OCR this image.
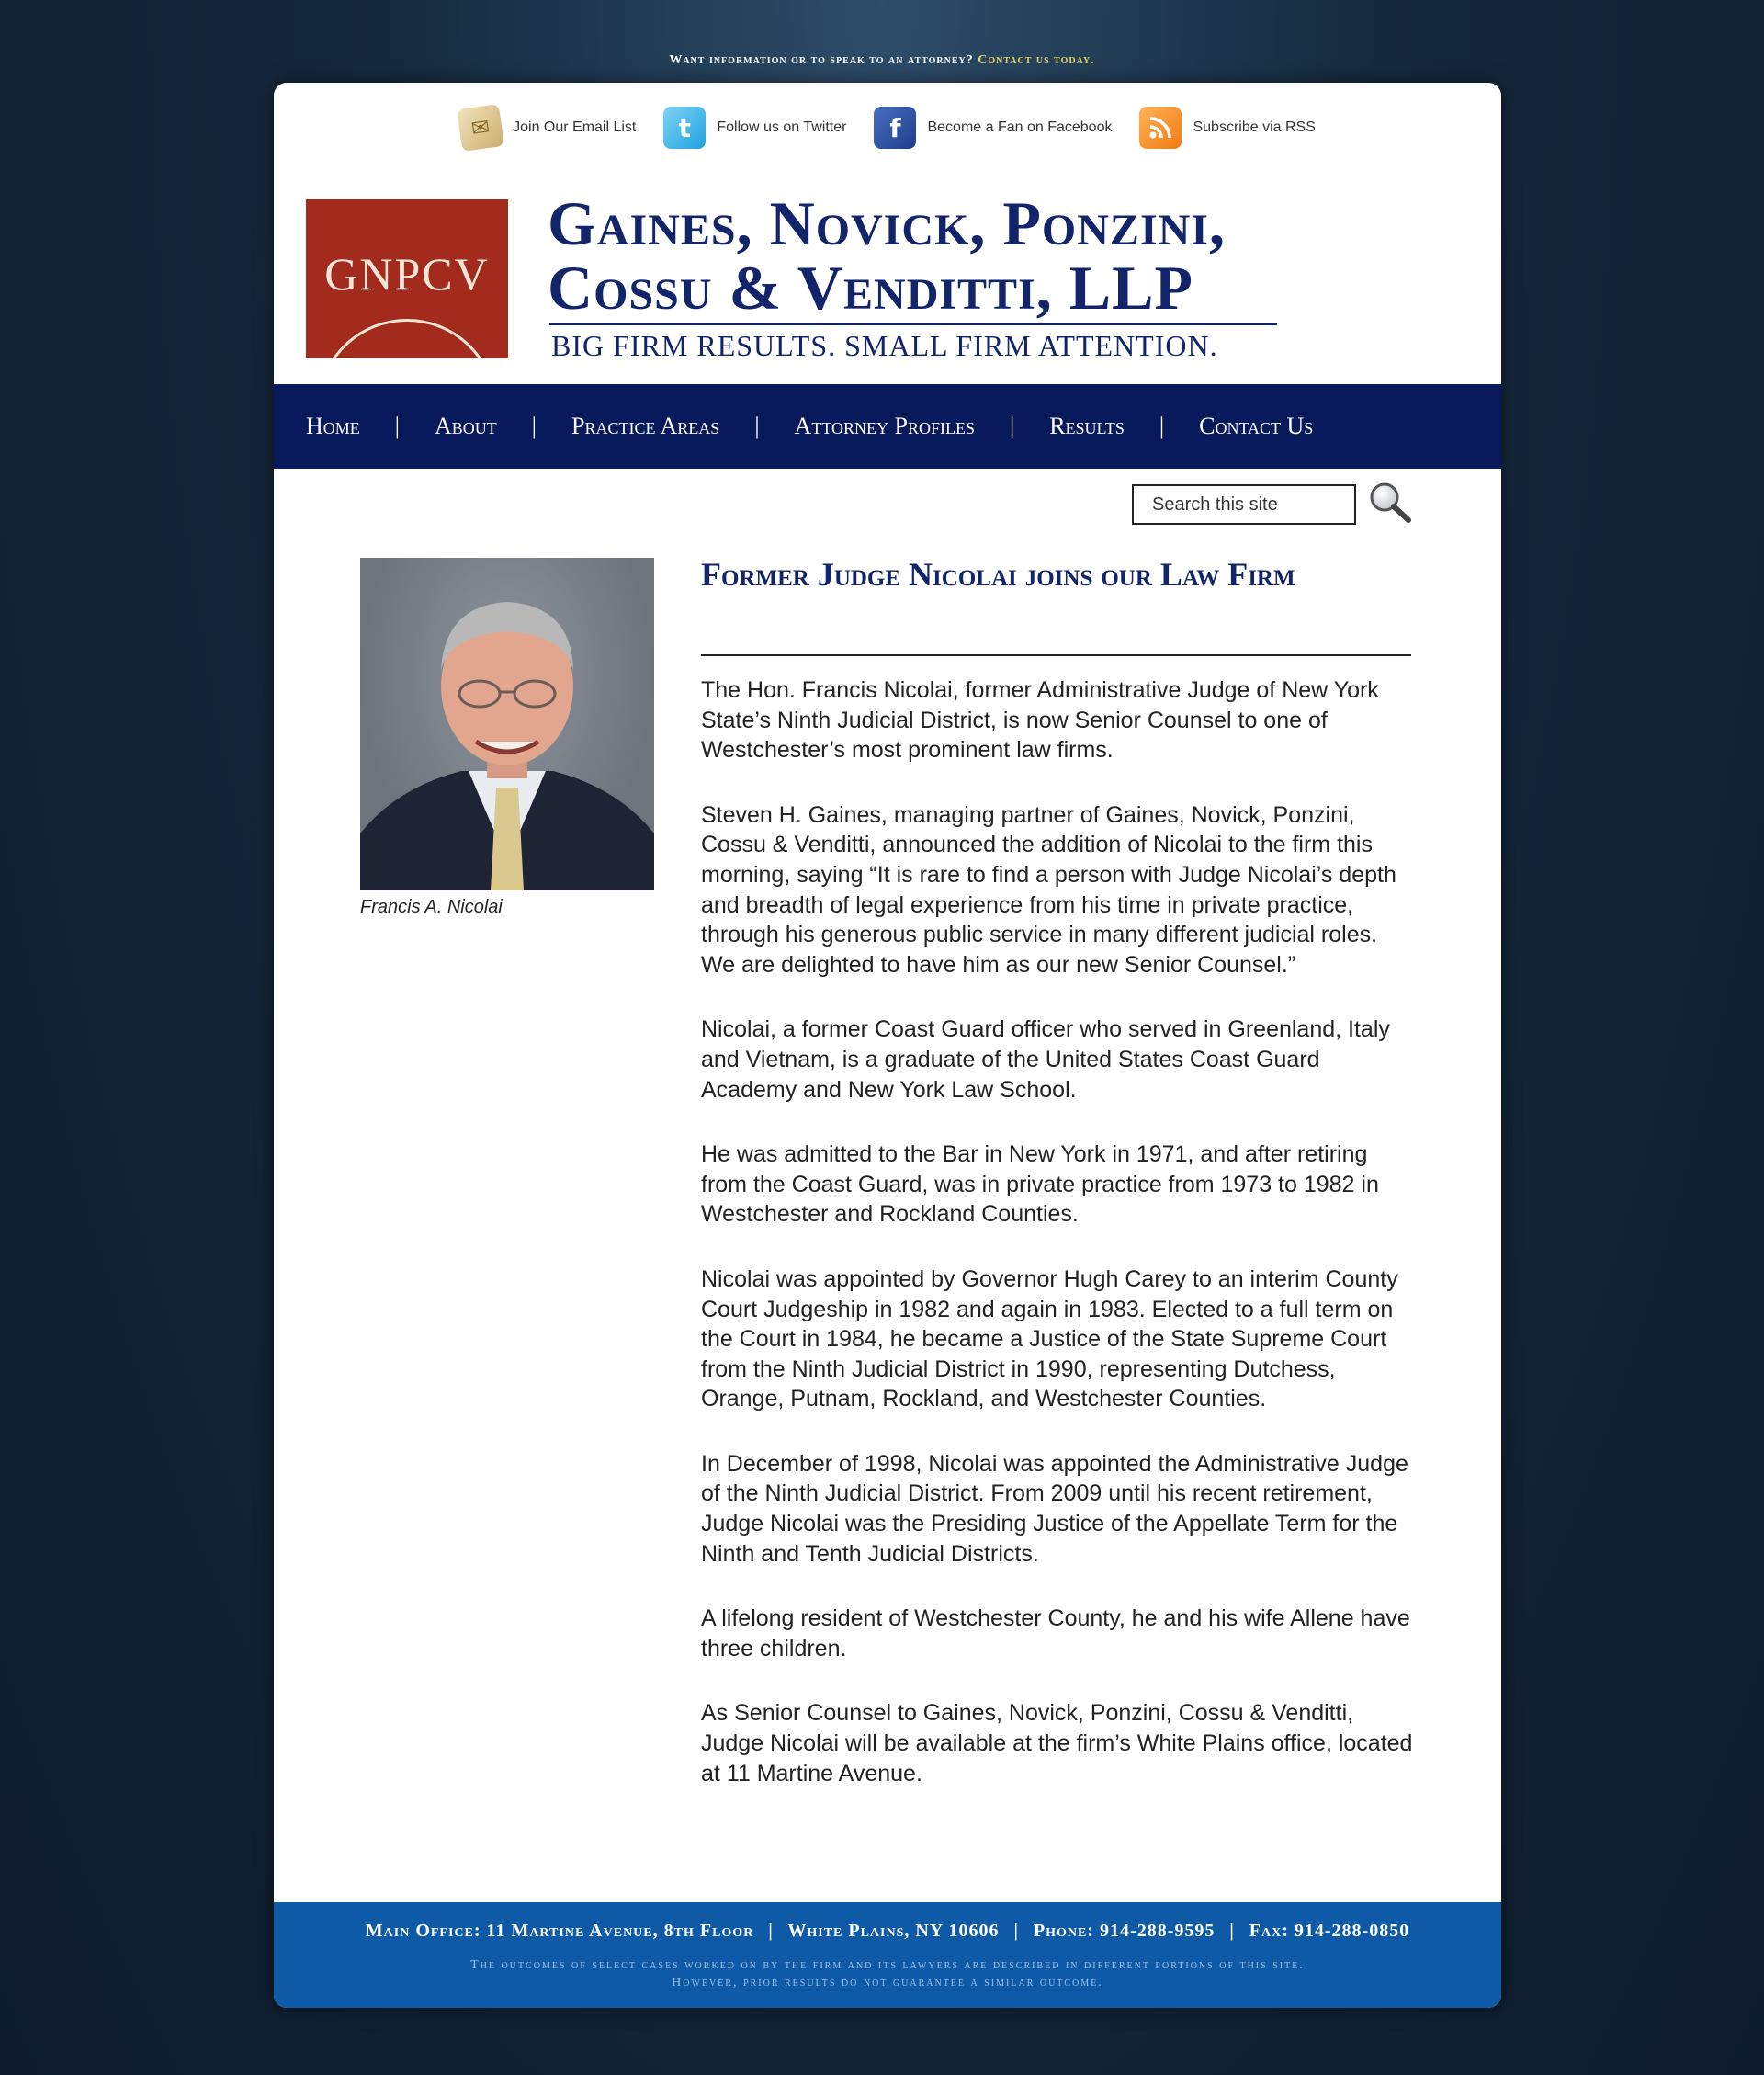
Want information or to speak to an attorney? Contact us today.
✉	Join Our Email List	t	Follow us on Twitter	f	Become a Fan on Facebook	Subscribe via RSS
GNPCV
Gaines, Novick, Ponzini,
Cossu & Venditti, LLP
BIG FIRM RESULTS. SMALL FIRM ATTENTION.
Home | About | Practice Areas | Attorney Profiles | Results | Contact Us
Search this site
Francis A. Nicolai
Former Judge Nicolai joins our Law Firm

The Hon. Francis Nicolai, former Administrative Judge of New York State’s Ninth Judicial District, is now Senior Counsel to one of Westchester’s most prominent law firms.

Steven H. Gaines, managing partner of Gaines, Novick, Ponzini, Cossu & Venditti, announced the addition of Nicolai to the firm this morning, saying “It is rare to find a person with Judge Nicolai’s depth and breadth of legal experience from his time in private practice, through his generous public service in many different judicial roles. We are delighted to have him as our new Senior Counsel.”

Nicolai, a former Coast Guard officer who served in Greenland, Italy and Vietnam, is a graduate of the United States Coast Guard Academy and New York Law School.

He was admitted to the Bar in New York in 1971, and after retiring from the Coast Guard, was in private practice from 1973 to 1982 in Westchester and Rockland Counties.

Nicolai was appointed by Governor Hugh Carey to an interim County Court Judgeship in 1982 and again in 1983. Elected to a full term on the Court in 1984, he became a Justice of the State Supreme Court from the Ninth Judicial District in 1990, representing Dutchess, Orange, Putnam, Rockland, and Westchester Counties.

In December of 1998, Nicolai was appointed the Administrative Judge of the Ninth Judicial District. From 2009 until his recent retirement, Judge Nicolai was the Presiding Justice of the Appellate Term for the Ninth and Tenth Judicial Districts.

A lifelong resident of Westchester County, he and his wife Allene have three children.

As Senior Counsel to Gaines, Novick, Ponzini, Cossu & Venditti, Judge Nicolai will be available at the firm’s White Plains office, located at 11 Martine Avenue.

Main Office: 11 Martine Avenue, 8th Floor | White Plains, NY 10606 | Phone: 914-288-9595 | Fax: 914-288-0850
The outcomes of select cases worked on by the firm and its lawyers are described in different portions of this site.
However, prior results do not guarantee a similar outcome.
